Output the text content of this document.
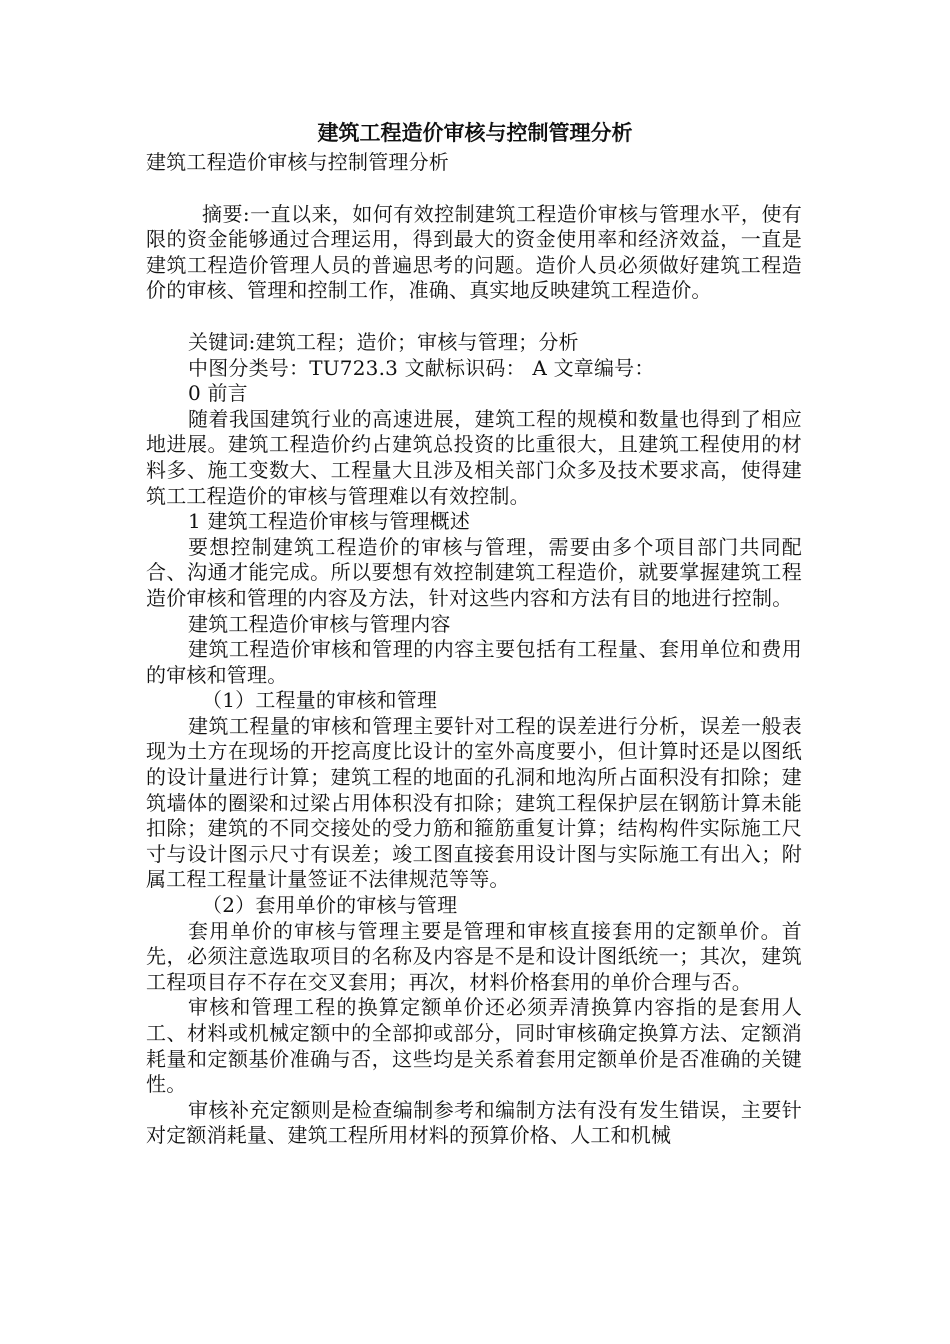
建筑工程造价审核与控制管理分析

建筑工程造价审核与控制管理分析

摘要:一直以来，如何有效控制建筑工程造价审核与管理水平，使有限的资金能够通过合理运用，得到最大的资金使用率和经济效益，一直是建筑工程造价管理人员的普遍思考的问题。造价人员必须做好建筑工程造价的审核、管理和控制工作，准确、真实地反映建筑工程造价。

关键词:建筑工程；造价；审核与管理；分析

中图分类号：TU723.3 文献标识码： A 文章编号：

0 前言

随着我国建筑行业的高速进展，建筑工程的规模和数量也得到了相应地进展。建筑工程造价约占建筑总投资的比重很大，且建筑工程使用的材料多、施工变数大、工程量大且涉及相关部门众多及技术要求高，使得建筑工工程造价的审核与管理难以有效控制。

1 建筑工程造价审核与管理概述

要想控制建筑工程造价的审核与管理，需要由多个项目部门共同配合、沟通才能完成。所以要想有效控制建筑工程造价，就要掌握建筑工程造价审核和管理的内容及方法，针对这些内容和方法有目的地进行控制。

建筑工程造价审核与管理内容

建筑工程造价审核和管理的内容主要包括有工程量、套用单位和费用的审核和管理。

（1）工程量的审核和管理

建筑工程量的审核和管理主要针对工程的误差进行分析，误差一般表现为土方在现场的开挖高度比设计的室外高度要小，但计算时还是以图纸的设计量进行计算；建筑工程的地面的孔洞和地沟所占面积没有扣除；建筑墙体的圈梁和过梁占用体积没有扣除；建筑工程保护层在钢筋计算未能扣除；建筑的不同交接处的受力筋和箍筋重复计算；结构构件实际施工尺寸与设计图示尺寸有误差；竣工图直接套用设计图与实际施工有出入；附属工程工程量计量签证不法律规范等等。

（2）套用单价的审核与管理

套用单价的审核与管理主要是管理和审核直接套用的定额单价。首先，必须注意选取项目的名称及内容是不是和设计图纸统一；其次，建筑工程项目存不存在交叉套用；再次，材料价格套用的单价合理与否。

审核和管理工程的换算定额单价还必须弄清换算内容指的是套用人工、材料或机械定额中的全部抑或部分，同时审核确定换算方法、定额消耗量和定额基价准确与否，这些均是关系着套用定额单价是否准确的关键性。

审核补充定额则是检查编制参考和编制方法有没有发生错误，主要针对定额消耗量、建筑工程所用材料的预算价格、人工和机械
